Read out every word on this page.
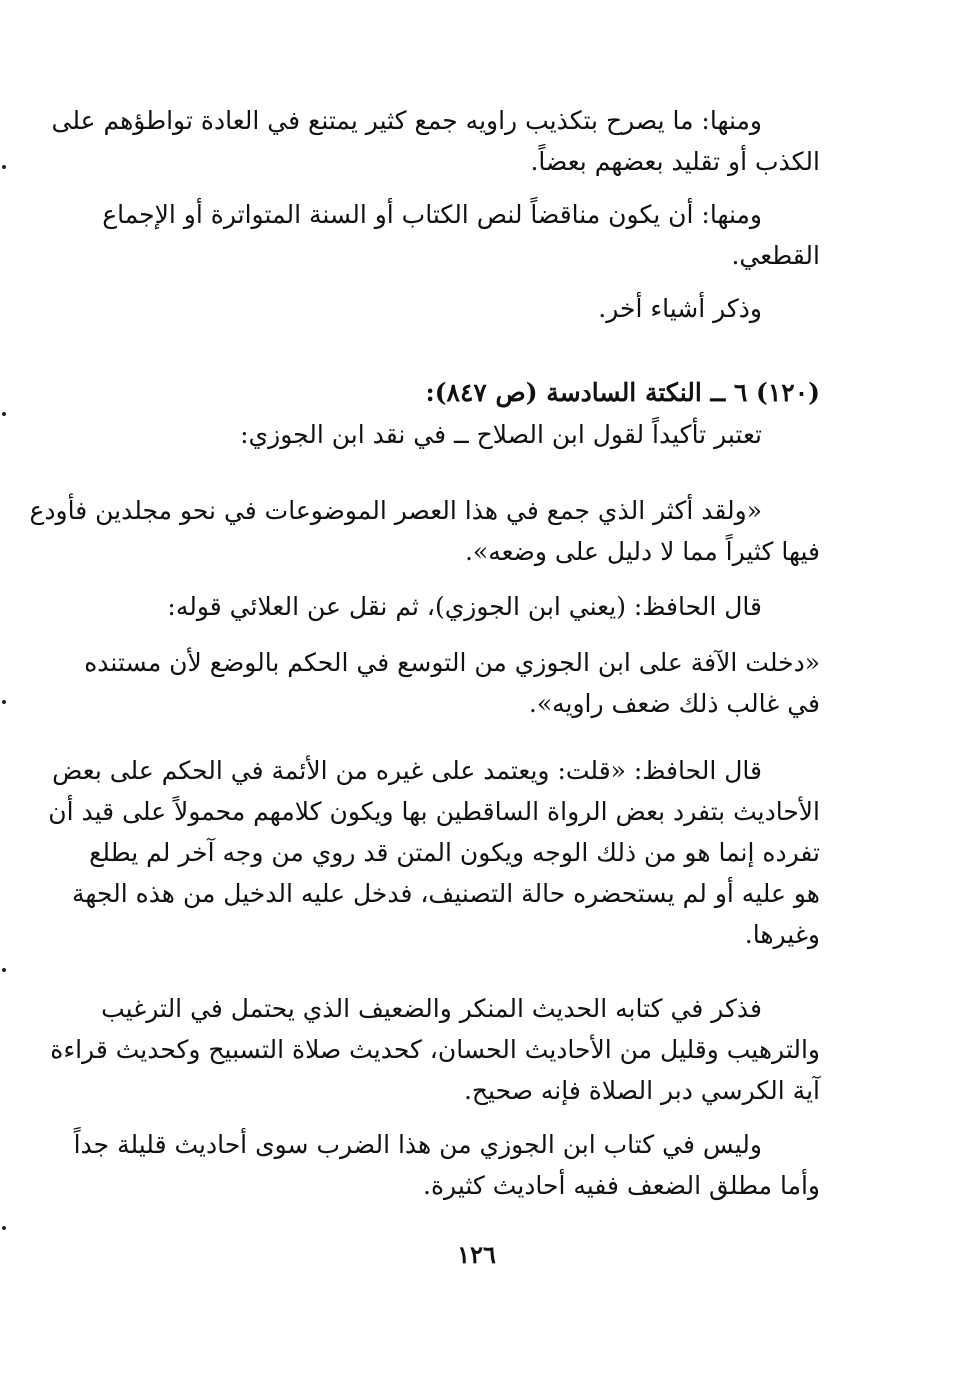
ومنها: ما يصرح بتكذيب راويه جمع كثير يمتنع في العادة تواطؤهم على
الكذب أو تقليد بعضهم بعضاً.
ومنها: أن يكون مناقضاً لنص الكتاب أو السنة المتواترة أو الإجماع
القطعي.
وذكر أشياء أخر.
(١٢٠) ٦ ــ النكتة السادسة (ص ٨٤٧):
تعتبر تأكيداً لقول ابن الصلاح ــ في نقد ابن الجوزي:
«ولقد أكثر الذي جمع في هذا العصر الموضوعات في نحو مجلدين فأودع
فيها كثيراً مما لا دليل على وضعه».
قال الحافظ: (يعني ابن الجوزي)، ثم نقل عن العلائي قوله:
«دخلت الآفة على ابن الجوزي من التوسع في الحكم بالوضع لأن مستنده
في غالب ذلك ضعف راويه».
قال الحافظ: «قلت: ويعتمد على غيره من الأئمة في الحكم على بعض
الأحاديث بتفرد بعض الرواة الساقطين بها ويكون كلامهم محمولاً على قيد أن
تفرده إنما هو من ذلك الوجه ويكون المتن قد روي من وجه آخر لم يطلع
هو عليه أو لم يستحضره حالة التصنيف، فدخل عليه الدخيل من هذه الجهة
وغيرها.
فذكر في كتابه الحديث المنكر والضعيف الذي يحتمل في الترغيب
والترهيب وقليل من الأحاديث الحسان، كحديث صلاة التسبيح وكحديث قراءة
آية الكرسي دبر الصلاة فإنه صحيح.
وليس في كتاب ابن الجوزي من هذا الضرب سوى أحاديث قليلة جداً
وأما مطلق الضعف ففيه أحاديث كثيرة.
١٢٦
